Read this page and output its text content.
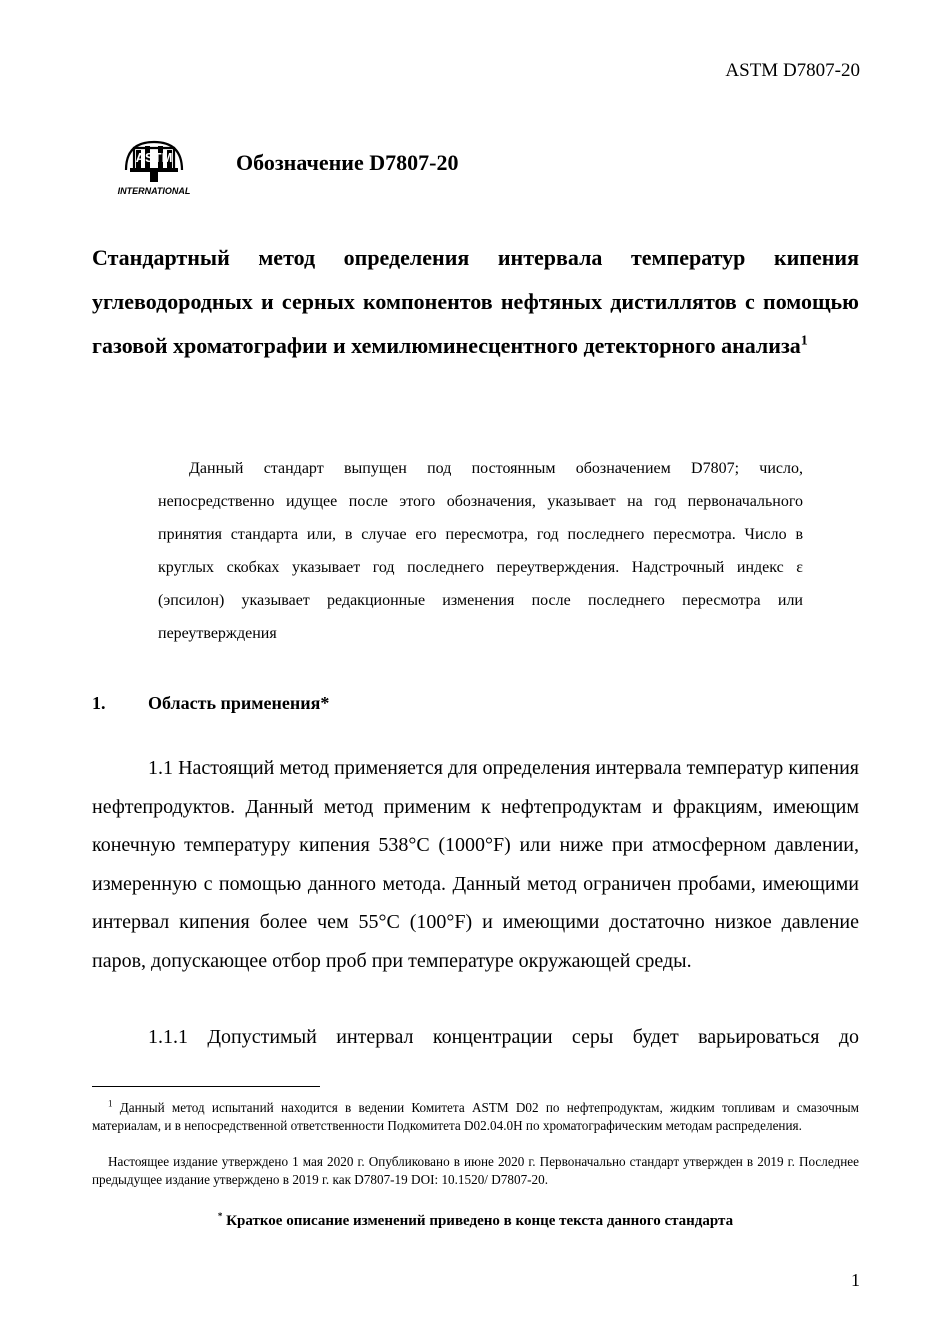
ASTM D7807-20
ASTM
INTERNATIONAL
Обозначение D7807-20
Стандартный метод определения интервала температур кипения углеводородных и серных компонентов нефтяных дистиллятов с помощью газовой хроматографии и хемилюминесцентного детекторного анализа$^1$

Данный стандарт выпущен под постоянным обозначением D7807; число, непосредственно идущее после этого обозначения, указывает на год первоначального принятия стандарта или, в случае его пересмотра, год последнего пересмотра. Число в круглых скобках указывает год последнего переутверждения. Надстрочный индекс ε (эпсилон) указывает редакционные изменения после последнего пересмотра или переутверждения

1. Область применения*

1.1 Настоящий метод применяется для определения интервала температур кипения нефтепродуктов. Данный метод применим к нефтепродуктам и фракциям, имеющим конечную температуру кипения 538°C (1000°F) или ниже при атмосферном давлении, измеренную с помощью данного метода. Данный метод ограничен пробами, имеющими интервал кипения более чем 55°C (100°F) и имеющими достаточно низкое давление паров, допускающее отбор проб при температуре окружающей среды.

1.1.1 Допустимый интервал концентрации серы будет варьироваться до

$^1$ Данный метод испытаний находится в ведении Комитета ASTM D02 по нефтепродуктам, жидким топливам и смазочным материалам, и в непосредственной ответственности Подкомитета D02.04.0H по хроматографическим методам распределения.

Настоящее издание утверждено 1 мая 2020 г. Опубликовано в июне 2020 г. Первоначально стандарт утвержден в 2019 г. Последнее предыдущее издание утверждено в 2019 г. как D7807-19 DOI: 10.1520/ D7807-20.

* Краткое описание изменений приведено в конце текста данного стандарта
1
